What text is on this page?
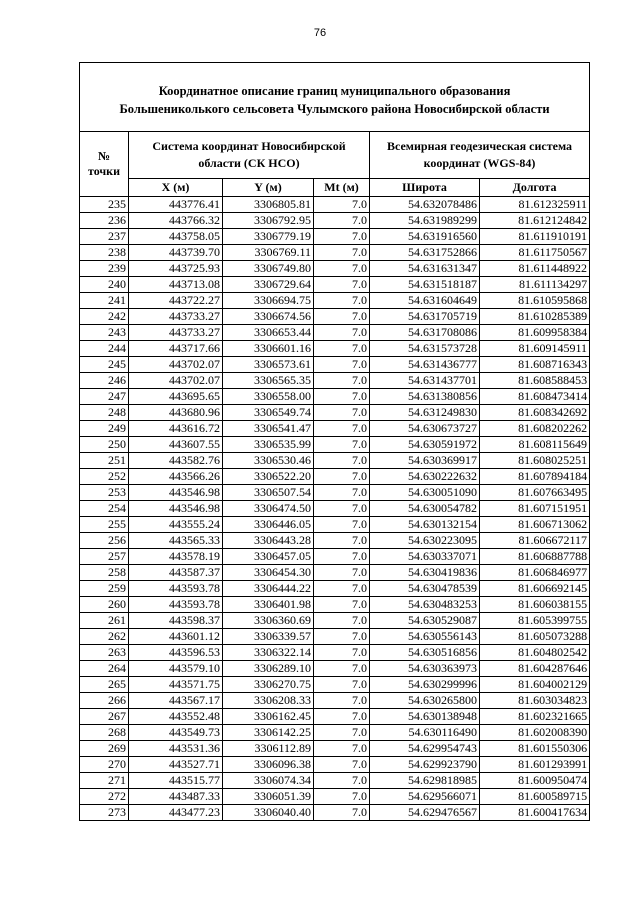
76
Координатное описание границ муниципального образования
Большениколького сельсовета Чулымского района Новосибирской области					
№ точки	Система координат Новосибирской области (СК НСО)			Всемирная геодезическая система координат (WGS-84)	
	X (м)	Y (м)	Mt (м)	Широта	Долгота
235	443776.41	3306805.81	7.0	54.632078486	81.612325911
236	443766.32	3306792.95	7.0	54.631989299	81.612124842
237	443758.05	3306779.19	7.0	54.631916560	81.611910191
238	443739.70	3306769.11	7.0	54.631752866	81.611750567
239	443725.93	3306749.80	7.0	54.631631347	81.611448922
240	443713.08	3306729.64	7.0	54.631518187	81.611134297
241	443722.27	3306694.75	7.0	54.631604649	81.610595868
242	443733.27	3306674.56	7.0	54.631705719	81.610285389
243	443733.27	3306653.44	7.0	54.631708086	81.609958384
244	443717.66	3306601.16	7.0	54.631573728	81.609145911
245	443702.07	3306573.61	7.0	54.631436777	81.608716343
246	443702.07	3306565.35	7.0	54.631437701	81.608588453
247	443695.65	3306558.00	7.0	54.631380856	81.608473414
248	443680.96	3306549.74	7.0	54.631249830	81.608342692
249	443616.72	3306541.47	7.0	54.630673727	81.608202262
250	443607.55	3306535.99	7.0	54.630591972	81.608115649
251	443582.76	3306530.46	7.0	54.630369917	81.608025251
252	443566.26	3306522.20	7.0	54.630222632	81.607894184
253	443546.98	3306507.54	7.0	54.630051090	81.607663495
254	443546.98	3306474.50	7.0	54.630054782	81.607151951
255	443555.24	3306446.05	7.0	54.630132154	81.606713062
256	443565.33	3306443.28	7.0	54.630223095	81.606672117
257	443578.19	3306457.05	7.0	54.630337071	81.606887788
258	443587.37	3306454.30	7.0	54.630419836	81.606846977
259	443593.78	3306444.22	7.0	54.630478539	81.606692145
260	443593.78	3306401.98	7.0	54.630483253	81.606038155
261	443598.37	3306360.69	7.0	54.630529087	81.605399755
262	443601.12	3306339.57	7.0	54.630556143	81.605073288
263	443596.53	3306322.14	7.0	54.630516856	81.604802542
264	443579.10	3306289.10	7.0	54.630363973	81.604287646
265	443571.75	3306270.75	7.0	54.630299996	81.604002129
266	443567.17	3306208.33	7.0	54.630265800	81.603034823
267	443552.48	3306162.45	7.0	54.630138948	81.602321665
268	443549.73	3306142.25	7.0	54.630116490	81.602008390
269	443531.36	3306112.89	7.0	54.629954743	81.601550306
270	443527.71	3306096.38	7.0	54.629923790	81.601293991
271	443515.77	3306074.34	7.0	54.629818985	81.600950474
272	443487.33	3306051.39	7.0	54.629566071	81.600589715
273	443477.23	3306040.40	7.0	54.629476567	81.600417634
